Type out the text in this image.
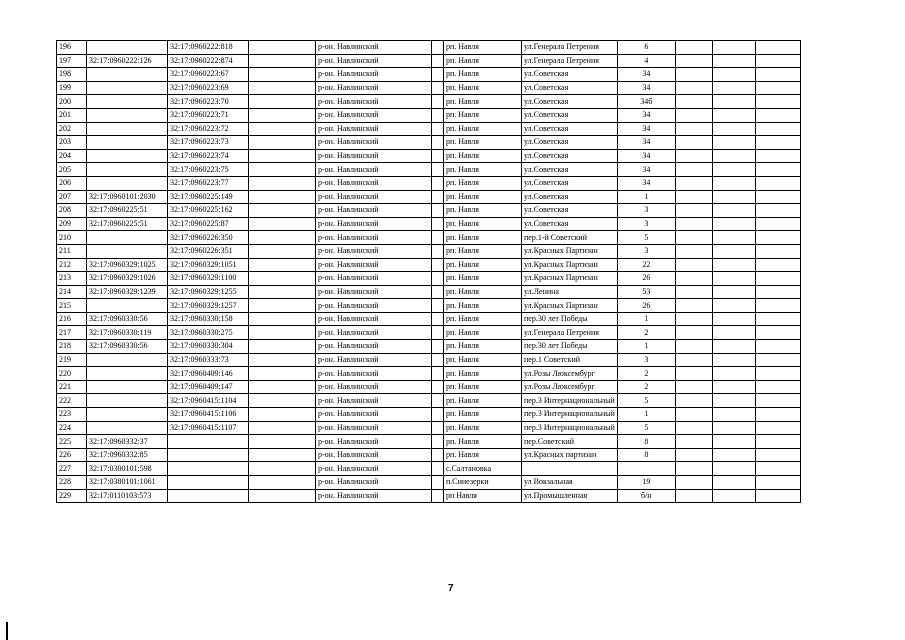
196		32:17:0960222:818		р-он. Навлинский		рп. Навля	ул.Генерала Петрения	6			
197	32:17:0960222:126	32:17:0960222:874		р-он. Навлинский		рп. Навля	ул.Генерала Петрения	4			
198		32:17:0960223:67		р-он. Навлинский		рп. Навля	ул.Советская	34			
199		32:17:0960223:69		р-он. Навлинский		рп. Навля	ул.Советская	34			
200		32:17:0960223:70		р-он. Навлинский		рп. Навля	ул.Советская	34б			
201		32:17:0960223:71		р-он. Навлинский		рп. Навля	ул.Советская	34			
202		32:17:0960223:72		р-он. Навлинский		рп. Навля	ул.Советская	34			
203		32:17:0960223:73		р-он. Навлинский		рп. Навля	ул.Советская	34			
204		32:17:0960223:74		р-он. Навлинский		рп. Навля	ул.Советская	34			
205		32:17:0960223:75		р-он. Навлинский		рп. Навля	ул.Советская	34			
206		32:17:0960223:77		р-он. Навлинский		рп. Навля	ул.Советская	34			
207	32:17:0960101:2030	32:17:0960225:149		р-он. Навлинский		рп. Навля	ул.Советская	1			
208	32:17:0960225:51	32:17:0960225:162		р-он. Навлинский		рп. Навля	ул.Советская	3			
209	32:17:0960225:51	32:17:0960225:87		р-он. Навлинский		рп. Навля	ул.Советская	3			
210		32:17:0960226:350		р-он. Навлинский		рп. Навля	пер.1-й Советский	5			
211		32:17:0960226:351		р-он. Навлинский		рп. Навля	ул.Красных Партизан	3			
212	32:17:0960329:1025	32:17:0960329:1051		р-он. Навлинский		рп. Навля	ул.Красных Партизан	22			
213	32:17:0960329:1026	32:17:0960329:1100		р-он. Навлинский		рп. Навля	ул.Красных Партизан	26			
214	32:17:0960329:1239	32:17:0960329:1255		р-он. Навлинский		рп. Навля	ул.Ленина	53			
215		32:17:0960329:1257		р-он. Навлинский		рп. Навля	ул.Красных Партизан	26			
216	32:17:0960330:56	32:17:0960330:158		р-он. Навлинский		рп. Навля	пер.30 лет Победы	1			
217	32:17:0960330:119	32:17:0960330:275		р-он. Навлинский		рп. Навля	ул.Генерала Петрения	2			
218	32:17:0960330:56	32:17:0960330:304		р-он. Навлинский		рп. Навля	пер.30 лет Победы	1			
219		32:17:0960333:73		р-он. Навлинский		рп. Навля	пер.1 Советский	3			
220		32:17:0960409:146		р-он. Навлинский		рп. Навля	ул.Розы Люксембург	2			
221		32:17:0960409:147		р-он. Навлинский		рп. Навля	ул.Розы Люксембург	2			
222		32:17:0960415:1104		р-он. Навлинский		рп. Навля	пер.3 Интернациональный	5			
223		32:17:0960415:1106		р-он. Навлинский		рп. Навля	пер.3 Интернациональный	1			
224		32:17:0960415:1107		р-он. Навлинский		рп. Навля	пер.3 Интернациональный	5			
225	32:17:0960332:37			р-он. Навлинский		рп. Навля	пер.Советский	8			
226	32:17:0960332:85			р-он. Навлинский		рп. Навля	ул.Красных партизан	8			
227	32:17:0300101:598			р-он. Навлинский		с.Салтановка					
228	32:17:0380101:1061			р-он. Навлинский		п.Синезерки	ул Вокзальная	19			
229	32:17:0110103:573			р-он. Навлинский		рп Навля	ул.Промышленная	б/н			
7
